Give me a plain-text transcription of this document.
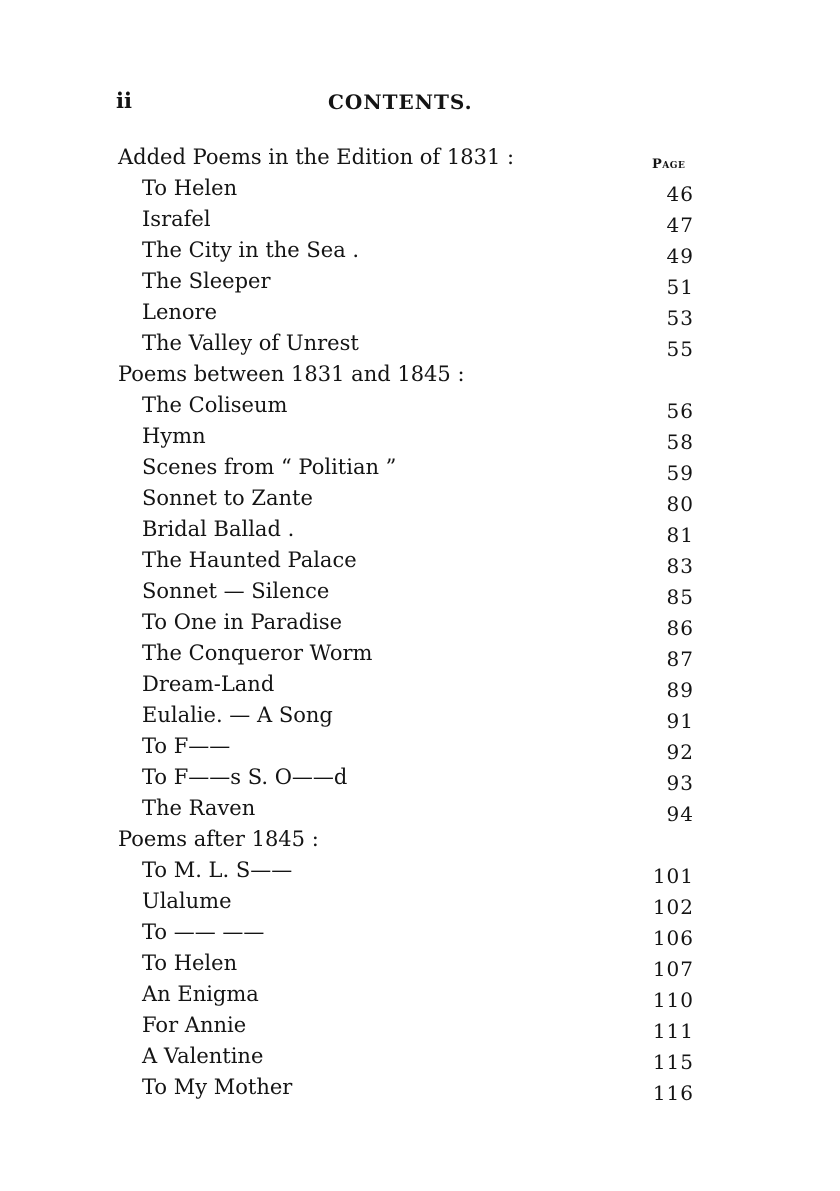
ii	CONTENTS.
Page
Added Poems in the Edition of 1831 :
To Helen	46
Israfel	47
The City in the Sea .	49
The Sleeper	51
Lenore	53
The Valley of Unrest	55
Poems between 1831 and 1845 :
The Coliseum	56
Hymn	58
Scenes from “ Politian ”	59
Sonnet to Zante	80
Bridal Ballad .	81
The Haunted Palace	83
Sonnet — Silence	85
To One in Paradise	86
The Conqueror Worm	87
Dream-Land	89
Eulalie. — A Song	91
To F——	92
To F——s S. O——d	93
The Raven	94
Poems after 1845 :
To M. L. S——	101
Ulalume	102
To —— ——	106
To Helen	107
An Enigma	110
For Annie	111
A Valentine	115
To My Mother	116
